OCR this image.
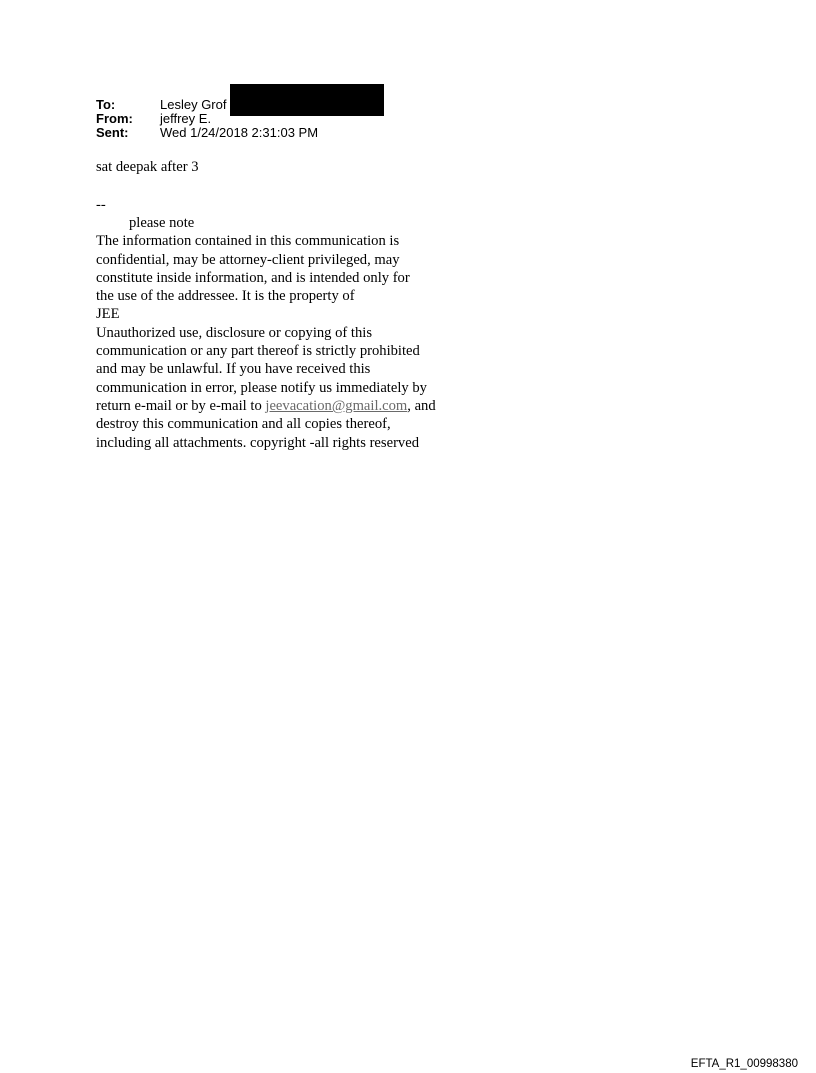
To:	Lesley Grof
From:	jeffrey E.
Sent:	Wed 1/24/2018 2:31:03 PM
sat deepak after 3
--
please note
The information contained in this communication is
confidential, may be attorney-client privileged, may
constitute inside information, and is intended only for
the use of the addressee. It is the property of
JEE
Unauthorized use, disclosure or copying of this
communication or any part thereof is strictly prohibited
and may be unlawful. If you have received this
communication in error, please notify us immediately by
return e-mail or by e-mail to jeevacation@gmail.com, and
destroy this communication and all copies thereof,
including all attachments. copyright -all rights reserved
EFTA_R1_00998380
